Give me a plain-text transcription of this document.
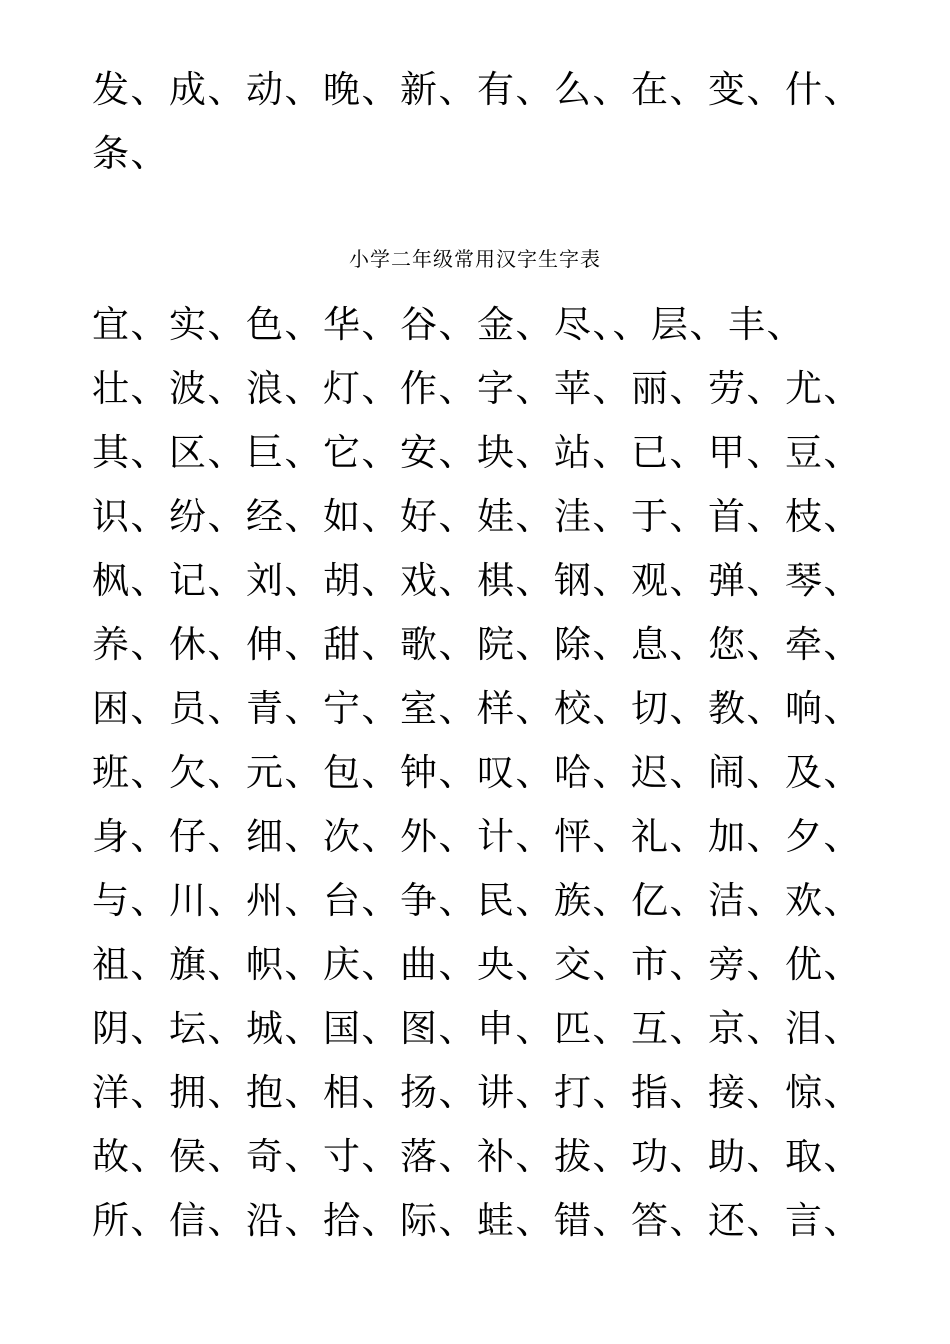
发、成、动、晚、新、有、么、在、变、什、
条、
小学二年级常用汉字生字表
宜、实、色、华、谷、金、尽、、层、丰、
壮、波、浪、灯、作、字、苹、丽、劳、尤、
其、区、巨、它、安、块、站、已、甲、豆、
识、纷、经、如、好、娃、洼、于、首、枝、
枫、记、刘、胡、戏、棋、钢、观、弹、琴、
养、休、伸、甜、歌、院、除、息、您、牵、
困、员、青、宁、室、样、校、切、教、响、
班、欠、元、包、钟、叹、哈、迟、闹、及、
身、仔、细、次、外、计、怦、礼、加、夕、
与、川、州、台、争、民、族、亿、洁、欢、
祖、旗、帜、庆、曲、央、交、市、旁、优、
阴、坛、城、国、图、申、匹、互、京、泪、
洋、拥、抱、相、扬、讲、打、指、接、惊、
故、侯、奇、寸、落、补、拔、功、助、取、
所、信、沿、拾、际、蛙、错、答、还、言、
